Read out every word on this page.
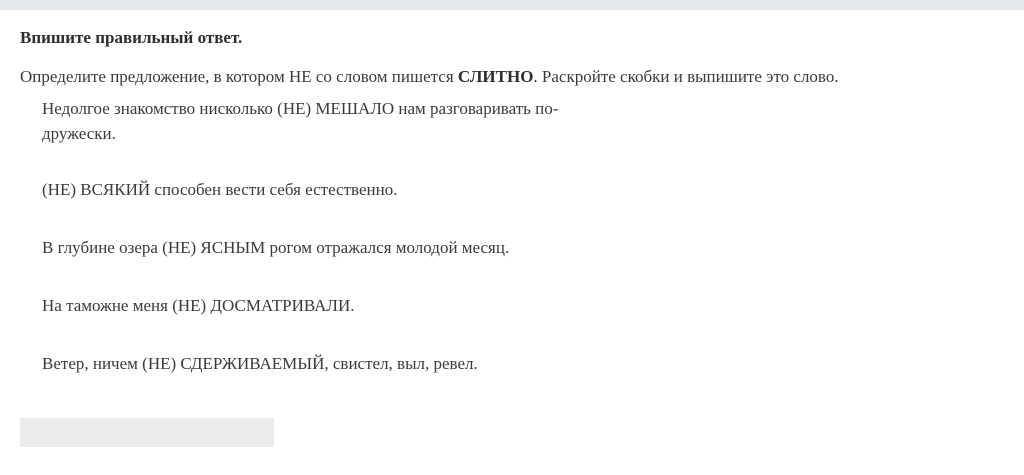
Впишите правильный ответ.
Определите предложение, в котором НЕ со словом пишется СЛИТНО. Раскройте скобки и выпишите это слово.
Недолгое знакомство нисколько (НЕ) МЕШАЛО нам разговаривать по-дружески.
(НЕ) ВСЯКИЙ способен вести себя естественно.
В глубине озера (НЕ) ЯСНЫМ рогом отражался молодой месяц.
На таможне меня (НЕ) ДОСМАТРИВАЛИ.
Ветер, ничем (НЕ) СДЕРЖИВАЕМЫЙ, свистел, выл, ревел.
